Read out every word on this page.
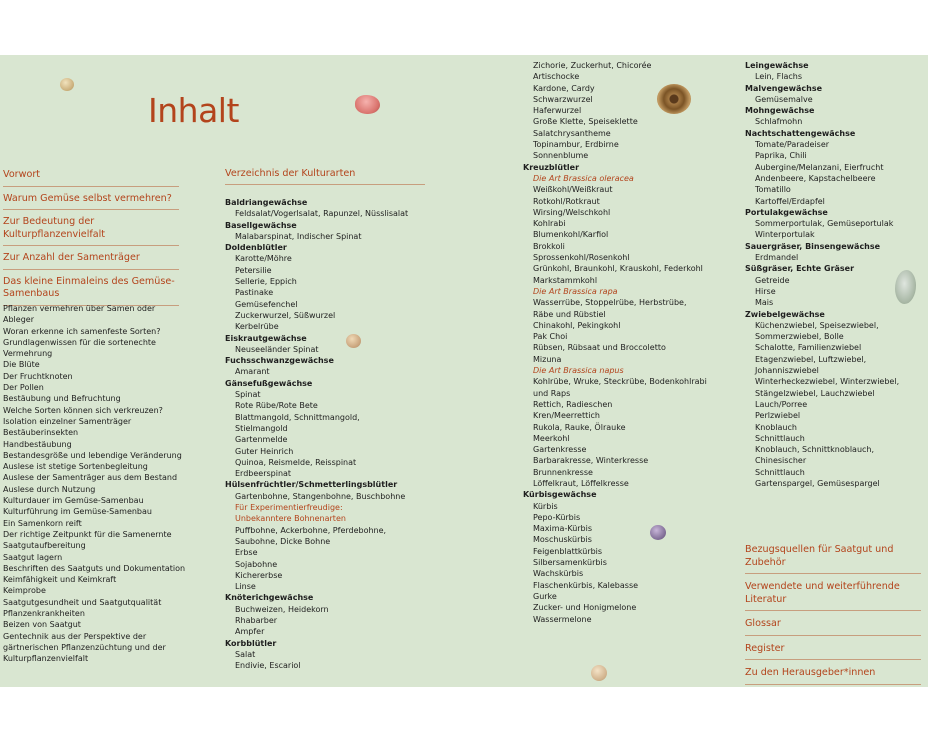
Inhalt
Vorwort
Warum Gemüse selbst vermehren?
Zur Bedeutung der Kulturpflanzenvielfalt
Zur Anzahl der Samenträger
Das kleine Einmaleins des Gemüse-Samenbaus
Pflanzen vermehren über Samen oder Ableger
Woran erkenne ich samenfeste Sorten?
Grundlagenwissen für die sortenechte Vermehrung
Die Blüte
Der Fruchtknoten
Der Pollen
Bestäubung und Befruchtung
Welche Sorten können sich verkreuzen?
Isolation einzelner Samenträger
Bestäuberinsekten
Handbestäubung
Bestandesgröße und lebendige Veränderung
Auslese ist stetige Sortenbegleitung
Auslese der Samenträger aus dem Bestand
Auslese durch Nutzung
Kulturdauer im Gemüse-Samenbau
Kulturführung im Gemüse-Samenbau
Ein Samenkorn reift
Der richtige Zeitpunkt für die Samenernte
Saatgutaufbereitung
Saatgut lagern
Beschriften des Saatguts und Dokumentation
Keimfähigkeit und Keimkraft
Keimprobe
Saatgutgesundheit und Saatgutqualität
Pflanzenkrankheiten
Beizen von Saatgut
Gentechnik aus der Perspektive der gärtnerischen Pflanzenzüchtung und der Kulturpflanzenvielfalt
Verzeichnis der Kulturarten
Baldriangewächse
Feldsalat/Vogerlsalat, Rapunzel, Nüsslisalat
Basellgewächse
Malabarspinat, Indischer Spinat
Doldenblütler
Karotte/Möhre
Petersilie
Sellerie, Eppich
Pastinake
Gemüsefenchel
Zuckerwurzel, Süßwurzel
Kerbelrübe
Eiskrautgewächse
Neuseeländer Spinat
Fuchsschwanzgewächse
Amarant
Gänsefußgewächse
Spinat
Rote Rübe/Rote Bete
Blattmangold, Schnittmangold,
Stielmangold
Gartenmelde
Guter Heinrich
Quinoa, Reismelde, Reisspinat
Erdbeerspinat
Hülsenfrüchtler/Schmetterlingsblütler
Gartenbohne, Stangenbohne, Buschbohne
Für Experimentierfreudige:
Unbekanntere Bohnenarten
Puffbohne, Ackerbohne, Pferdebohne,
Saubohne, Dicke Bohne
Erbse
Sojabohne
Kichererbse
Linse
Knöterichgewächse
Buchweizen, Heidekorn
Rhabarber
Ampfer
Korbblütler
Salat
Endivie, Escariol
Zichorie, Zuckerhut, Chicorée
Artischocke
Kardone, Cardy
Schwarzwurzel
Haferwurzel
Große Klette, Speiseklette
Salatchrysantheme
Topinambur, Erdbirne
Sonnenblume
Kreuzblütler
Die Art Brassica oleracea
Weißkohl/Weißkraut
Rotkohl/Rotkraut
Wirsing/Welschkohl
Kohlrabi
Blumenkohl/Karfiol
Brokkoli
Sprossenkohl/Rosenkohl
Grünkohl, Braunkohl, Krauskohl, Federkohl
Markstammkohl
Die Art Brassica rapa
Wasserrübe, Stoppelrübe, Herbstrübe,
Räbe und Rübstiel
Chinakohl, Pekingkohl
Pak Choi
Rübsen, Rübsaat und Broccoletto
Mizuna
Die Art Brassica napus
Kohlrübe, Wruke, Steckrübe, Bodenkohlrabi
und Raps
Rettich, Radieschen
Kren/Meerrettich
Rukola, Rauke, Ölrauke
Meerkohl
Gartenkresse
Barbarakresse, Winterkresse
Brunnenkresse
Löffelkraut, Löffelkresse
Kürbisgewächse
Kürbis
Pepo-Kürbis
Maxima-Kürbis
Moschuskürbis
Feigenblattkürbis
Silbersamenkürbis
Wachskürbis
Flaschenkürbis, Kalebasse
Gurke
Zucker- und Honigmelone
Wassermelone
Leingewächse
Lein, Flachs
Malvengewächse
Gemüsemalve
Mohngewächse
Schlafmohn
Nachtschattengewächse
Tomate/Paradeiser
Paprika, Chili
Aubergine/Melanzani, Eierfrucht
Andenbeere, Kapstachelbeere
Tomatillo
Kartoffel/Erdapfel
Portulakgewächse
Sommerportulak, Gemüseportulak
Winterportulak
Sauergräser, Binsengewächse
Erdmandel
Süßgräser, Echte Gräser
Getreide
Hirse
Mais
Zwiebelgewächse
Küchenzwiebel, Speisezwiebel,
Sommerzwiebel, Bolle
Schalotte, Familienzwiebel
Etagenzwiebel, Luftzwiebel,
Johanniszwiebel
Winterheckezwiebel, Winterzwiebel,
Stängelzwiebel, Lauchzwiebel
Lauch/Porree
Perlzwiebel
Knoblauch
Schnittlauch
Knoblauch, Schnittknoblauch, Chinesischer
Schnittlauch
Gartenspargel, Gemüsespargel
Bezugsquellen für Saatgut und Zubehör
Verwendete und weiterführende Literatur
Glossar
Register
Zu den Herausgeber*innen
